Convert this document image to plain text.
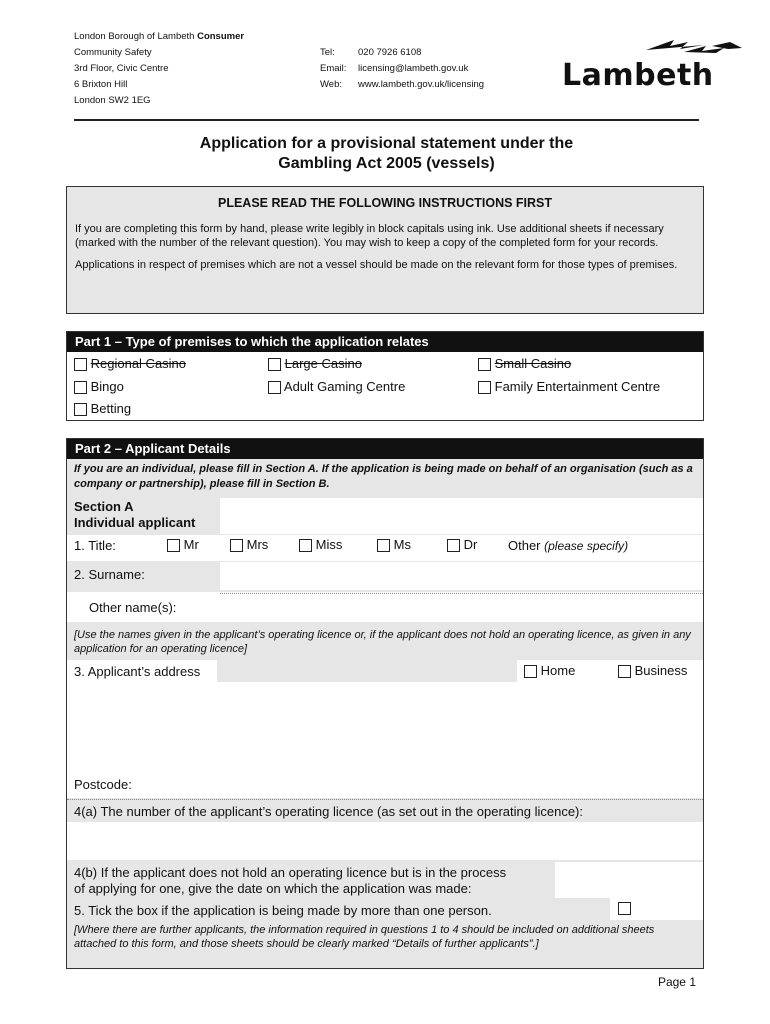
London Borough of Lambeth Consumer
Community Safety
3rd Floor, Civic Centre
6 Brixton Hill
London SW2 1EG
Tel: 020 7926 6108
Email: licensing@lambeth.gov.uk
Web: www.lambeth.gov.uk/licensing	Lambeth
Application for a provisional statement under the
Gambling Act 2005 (vessels)
PLEASE READ THE FOLLOWING INSTRUCTIONS FIRST
If you are completing this form by hand, please write legibly in block capitals using ink. Use additional sheets if necessary (marked with the number of the relevant question). You may wish to keep a copy of the completed form for your records.
Applications in respect of premises which are not a vessel should be made on the relevant form for those types of premises.
Part 1 – Type of premises to which the application relates
Regional Casino	Large Casino	Small Casino
Bingo	Adult Gaming Centre	Family Entertainment Centre
Betting
Part 2 – Applicant Details
If you are an individual, please fill in Section A. If the application is being made on behalf of an organisation (such as a company or partnership), please fill in Section B.
Section A
Individual applicant
1. Title:	Mr	Mrs	Miss	Ms	Dr Other (please specify)
2. Surname:
Other name(s):
[Use the names given in the applicant’s operating licence or, if the applicant does not hold an operating licence, as given in any application for an operating licence]
3. Applicant’s address	Home	Business
Postcode:
4(a) The number of the applicant’s operating licence (as set out in the operating licence):
4(b) If the applicant does not hold an operating licence but is in the process
of applying for one, give the date on which the application was made:
5. Tick the box if the application is being made by more than one person.
[Where there are further applicants, the information required in questions 1 to 4 should be included on additional sheets attached to this form, and those sheets should be clearly marked “Details of further applicants”.]
Page 1
